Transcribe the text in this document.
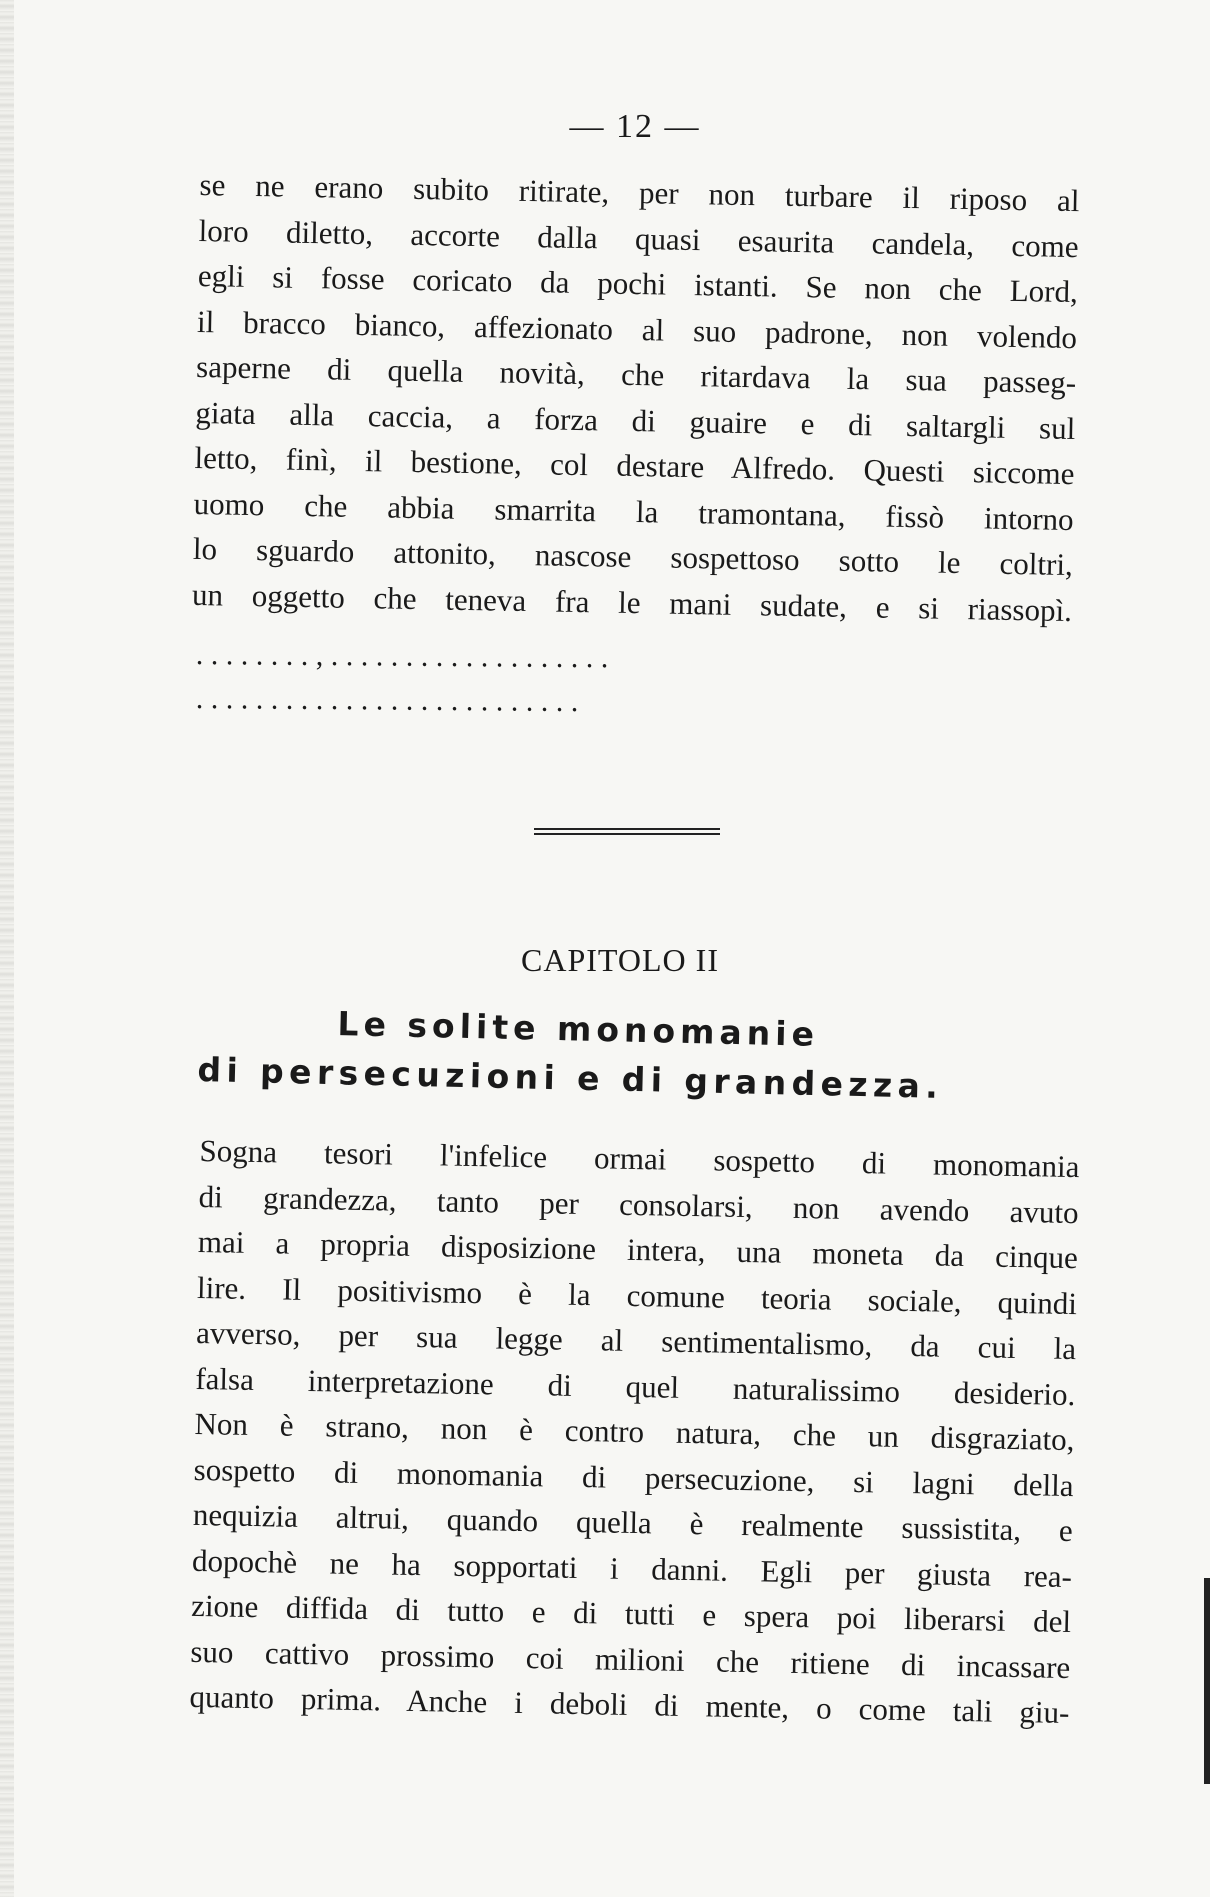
— 12 —
se ne erano subito ritirate, per non turbare il riposo al
loro diletto, accorte dalla quasi esaurita candela, come
egli si fosse coricato da pochi istanti. Se non che Lord,
il bracco bianco, affezionato al suo padrone, non volendo
saperne di quella novità, che ritardava la sua passeg-
giata alla caccia, a forza di guaire e di saltargli sul
letto, finì, il bestione, col destare Alfredo. Questi siccome
uomo che abbia smarrita la tramontana, fissò intorno
lo sguardo attonito, nascose sospettoso sotto le coltri,
un oggetto che teneva fra le mani sudate, e si riassopì.
. . . . . . . . , . . . . . . . . . . . . . . . . . . .
. . . . . . . . . . . . . . . . . . . . . . . . . .
CAPITOLO II
Le solite monomanie
di persecuzioni e di grandezza.
Sogna tesori l'infelice ormai sospetto di monomania
di grandezza, tanto per consolarsi, non avendo avuto
mai a propria disposizione intera, una moneta da cinque
lire. Il positivismo è la comune teoria sociale, quindi
avverso, per sua legge al sentimentalismo, da cui la
falsa interpretazione di quel naturalissimo desiderio.
Non è strano, non è contro natura, che un disgraziato,
sospetto di monomania di persecuzione, si lagni della
nequizia altrui, quando quella è realmente sussistita, e
dopochè ne ha sopportati i danni. Egli per giusta rea-
zione diffida di tutto e di tutti e spera poi liberarsi del
suo cattivo prossimo coi milioni che ritiene di incassare
quanto prima. Anche i deboli di mente, o come tali giu-
